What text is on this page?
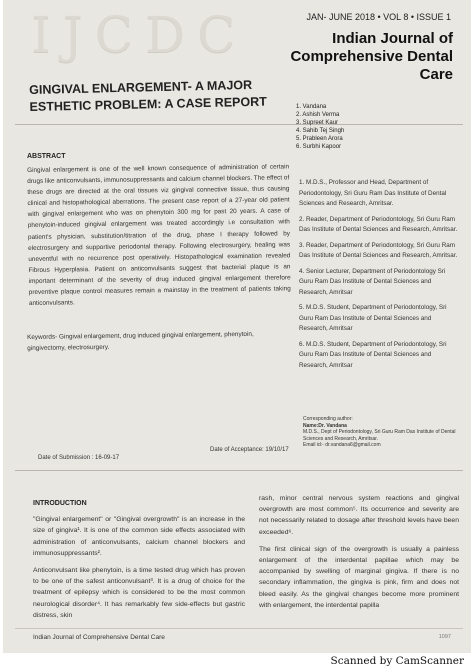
IJCDC	JAN- JUNE 2018 • VOL 8 • ISSUE 1
Indian Journal of Comprehensive Dental Care
GINGIVAL ENLARGEMENT- A MAJOR ESTHETIC PROBLEM: A CASE REPORT	1. Vandana
2. Ashish Verma
3. Supreet Kaur
4. Sahib Tej Singh
5. Prableen Arora
6. Surbhi Kapoor
ABSTRACT
Gingival enlargement is one of the well known consequence of administration of certain drugs like anticonvulsants, immunosuppressants and calcium channel blockers. The effect of these drugs are directed at the oral tissues viz gingival connective tissue, thus causing clinical and histopathological aberrations. The present case report of a 27-year old patient with gingival enlargement who was on phenytoin 300 mg for past 20 years. A case of phenytoin-induced gingival enlargement was treated accordingly i.e consultation with patient's physician, substitution/titration of the drug, phase I therapy followed by electrosurgery and supportive periodontal therapy. Following electrosurgery, healing was uneventful with no recurrence post operatively. Histopathological examination revealed Fibrous Hyperplasia. Patient on anticonvulsants suggest that bacterial plaque is an important determinant of the severity of drug induced gingival enlargement therefore preventive plaque control measures remain a mainstay in the treatment of patients taking anticonvulsants.
Keywords- Gingival enlargement, drug induced gingival enlargement, phenytoin, gingivectomy, electrosurgery.
1. M.D.S., Professor and Head, Department of Periodontology, Sri Guru Ram Das Institute of Dental Sciences and Research, Amritsar.
2. Reader, Department of Periodontology, Sri Guru Ram Das Institute of Dental Sciences and Research, Amritsar.
3. Reader, Department of Periodontology, Sri Guru Ram Das Institute of Dental Sciences and Research, Amritsar.
4. Senior Lecturer, Department of Periodontology Sri Guru Ram Das Institute of Dental Sciences and Research, Amritsar
5. M.D.S. Student, Department of Periodontology, Sri Guru Ram Das Institute of Dental Sciences and Research, Amritsar
6. M.D.S. Student, Department of Periodontology, Sri Guru Ram Das Institute of Dental Sciences and Research, Amritsar
Corresponding author:
Name:Dr. Vandana
M.D.S., Dept of Periodontology, Sri Guru Ram Das Institute of Dental Sciences and Research, Amritsar.
Email id:- dr.vandana6@gmail.com
Date of Submission : 16-09-17
Date of Acceptance: 19/10/17
INTRODUCTION

"Gingival enlargement" or "Gingival overgrowth" is an increase in the size of gingiva¹. It is one of the common side effects associated with administration of anticonvulsants, calcium channel blockers and immunosuppressants².

Anticonvulsant like phenytoin, is a time tested drug which has proven to be one of the safest anticonvulsant³. It is a drug of choice for the treatment of epilepsy which is considered to be the most common neurological disorder⁴. It has remarkably few side-effects but gastric distress, skin

rash, minor central nervous system reactions and gingival overgrowth are most common⁵. Its occurrence and severity are not necessarily related to dosage after threshold levels have been exceeded⁶.

The first clinical sign of the overgrowth is usually a painless enlargement of the interdental papillae which may be accompanied by swelling of marginal gingiva. If there is no secondary inflammation, the gingiva is pink, firm and does not bleed easily. As the gingival changes become more prominent with enlargement, the interdental papilla

Indian Journal of Comprehensive Dental Care	1097
Scanned by CamScanner
